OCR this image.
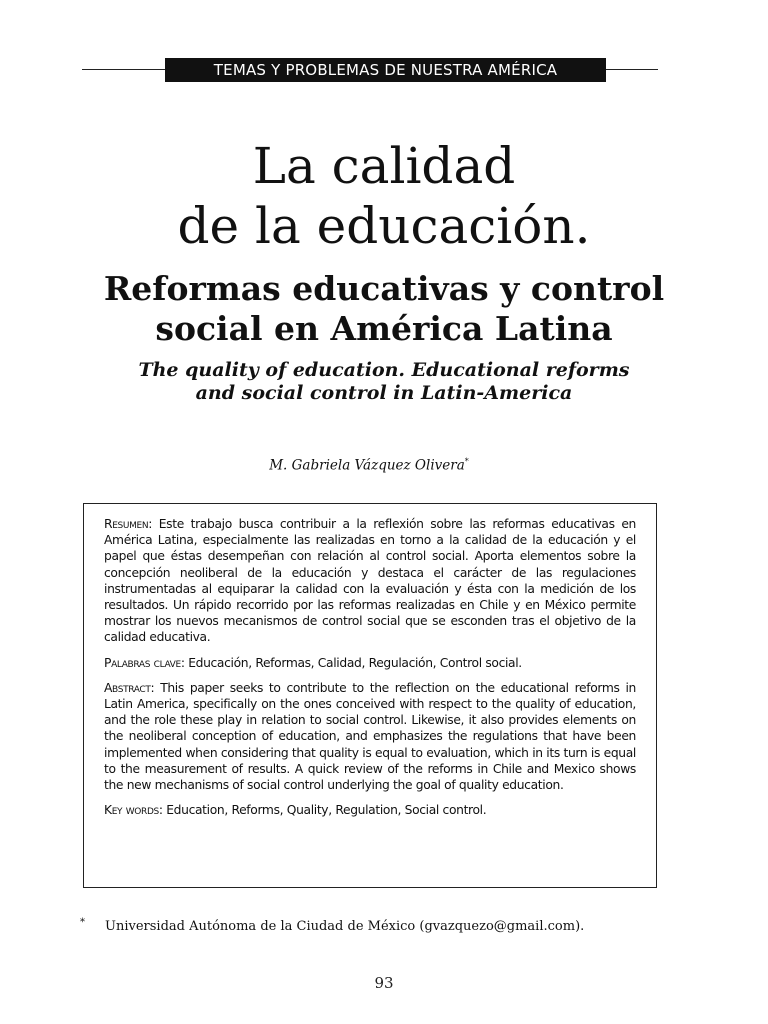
TEMAS Y PROBLEMAS DE NUESTRA AMÉRICA
La calidad
de la educación.
Reformas educativas y control
social en América Latina
The quality of education. Educational reforms
and social control in Latin-America
M. Gabriela Vázquez Olivera*

Resumen: Este trabajo busca contribuir a la reflexión sobre las reformas educativas en América Latina, especialmente las realizadas en torno a la calidad de la educación y el papel que éstas desempeñan con relación al control social. Aporta elementos sobre la concepción neoliberal de la educación y destaca el carácter de las regulaciones instrumentadas al equiparar la calidad con la evaluación y ésta con la medición de los resultados. Un rápido recorrido por las reformas realizadas en Chile y en México permite mostrar los nuevos mecanismos de control social que se esconden tras el objetivo de la calidad educativa.

Palabras clave: Educación, Reformas, Calidad, Regulación, Control social.

Abstract: This paper seeks to contribute to the reflection on the educational reforms in Latin America, specifically on the ones conceived with respect to the quality of education, and the role these play in relation to social control. Likewise, it also provides elements on the neoliberal conception of education, and emphasizes the regulations that have been implemented when considering that quality is equal to evaluation, which in its turn is equal to the measurement of results. A quick review of the reforms in Chile and Mexico shows the new mechanisms of social control underlying the goal of quality education.

Key words: Education, Reforms, Quality, Regulation, Social control.

* Universidad Autónoma de la Ciudad de México (gvazquezo@gmail.com).
93
